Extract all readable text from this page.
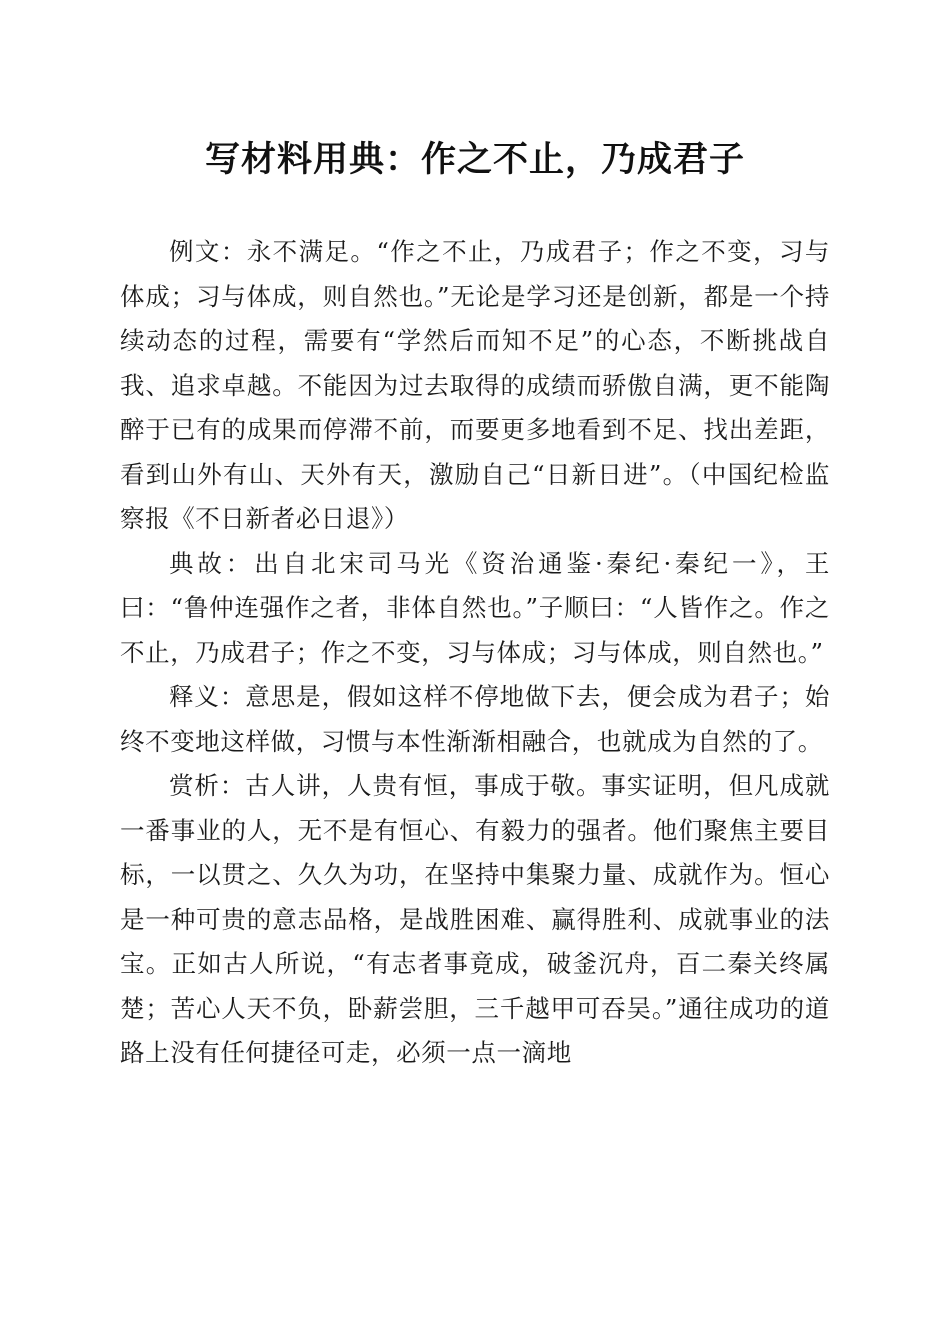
写材料用典：作之不止，乃成君子

例文：永不满足。“作之不止，乃成君子；作之不变，习与体成；习与体成，则自然也。”无论是学习还是创新，都是一个持续动态的过程，需要有“学然后而知不足”的心态，不断挑战自我、追求卓越。不能因为过去取得的成绩而骄傲自满，更不能陶醉于已有的成果而停滞不前，而要更多地看到不足、找出差距，看到山外有山、天外有天，激励自己“日新日进”。（中国纪检监察报《不日新者必日退》）

典故：出自北宋司马光《资治通鉴·秦纪·秦纪一》，王曰：“鲁仲连强作之者，非体自然也。”子顺曰：“人皆作之。作之不止，乃成君子；作之不变，习与体成；习与体成，则自然也。”

释义：意思是，假如这样不停地做下去，便会成为君子；始终不变地这样做，习惯与本性渐渐相融合，也就成为自然的了。

赏析：古人讲，人贵有恒，事成于敬。事实证明，但凡成就一番事业的人，无不是有恒心、有毅力的强者。他们聚焦主要目标，一以贯之、久久为功，在坚持中集聚力量、成就作为。恒心是一种可贵的意志品格，是战胜困难、赢得胜利、成就事业的法宝。正如古人所说，“有志者事竟成，破釜沉舟，百二秦关终属楚；苦心人天不负，卧薪尝胆，三千越甲可吞吴。”通往成功的道路上没有任何捷径可走，必须一点一滴地
